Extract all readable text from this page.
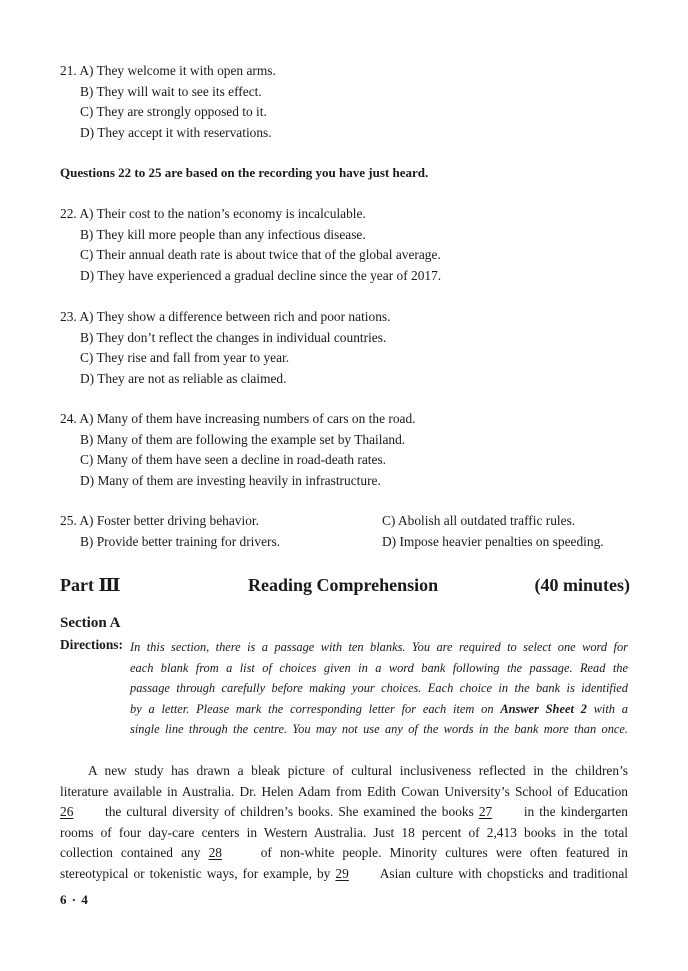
21. A) They welcome it with open arms.
B) They will wait to see its effect.
C) They are strongly opposed to it.
D) They accept it with reservations.
Questions 22 to 25 are based on the recording you have just heard.
22. A) Their cost to the nation’s economy is incalculable.
B) They kill more people than any infectious disease.
C) Their annual death rate is about twice that of the global average.
D) They have experienced a gradual decline since the year of 2017.
23. A) They show a difference between rich and poor nations.
B) They don’t reflect the changes in individual countries.
C) They rise and fall from year to year.
D) They are not as reliable as claimed.
24. A) Many of them have increasing numbers of cars on the road.
B) Many of them are following the example set by Thailand.
C) Many of them have seen a decline in road-death rates.
D) Many of them are investing heavily in infrastructure.
25. A) Foster better driving behavior.	C) Abolish all outdated traffic rules.
B) Provide better training for drivers.	D) Impose heavier penalties on speeding.
Part Ⅲ	Reading Comprehension	(40 minutes)
Section A
Directions: In this section, there is a passage with ten blanks. You are required to select one word for
each blank from a list of choices given in a word bank following the passage. Read the
passage through carefully before making your choices. Each choice in the bank is identified
by a letter. Please mark the corresponding letter for each item on Answer Sheet 2 with a
single line through the centre. You may not use any of the words in the bank more than once.
A new study has drawn a bleak picture of cultural inclusiveness reflected in the children’s
literature available in Australia. Dr. Helen Adam from Edith Cowan University’s School of Education
26 the cultural diversity of children’s books. She examined the books 27 in the kindergarten
rooms of four day-care centers in Western Australia. Just 18 percent of 2,413 books in the total
collection contained any 28	of non-white people. Minority cultures were often featured in
stereotypical or tokenistic ways, for example, by 29 Asian culture with chopsticks and traditional
6 · 4
